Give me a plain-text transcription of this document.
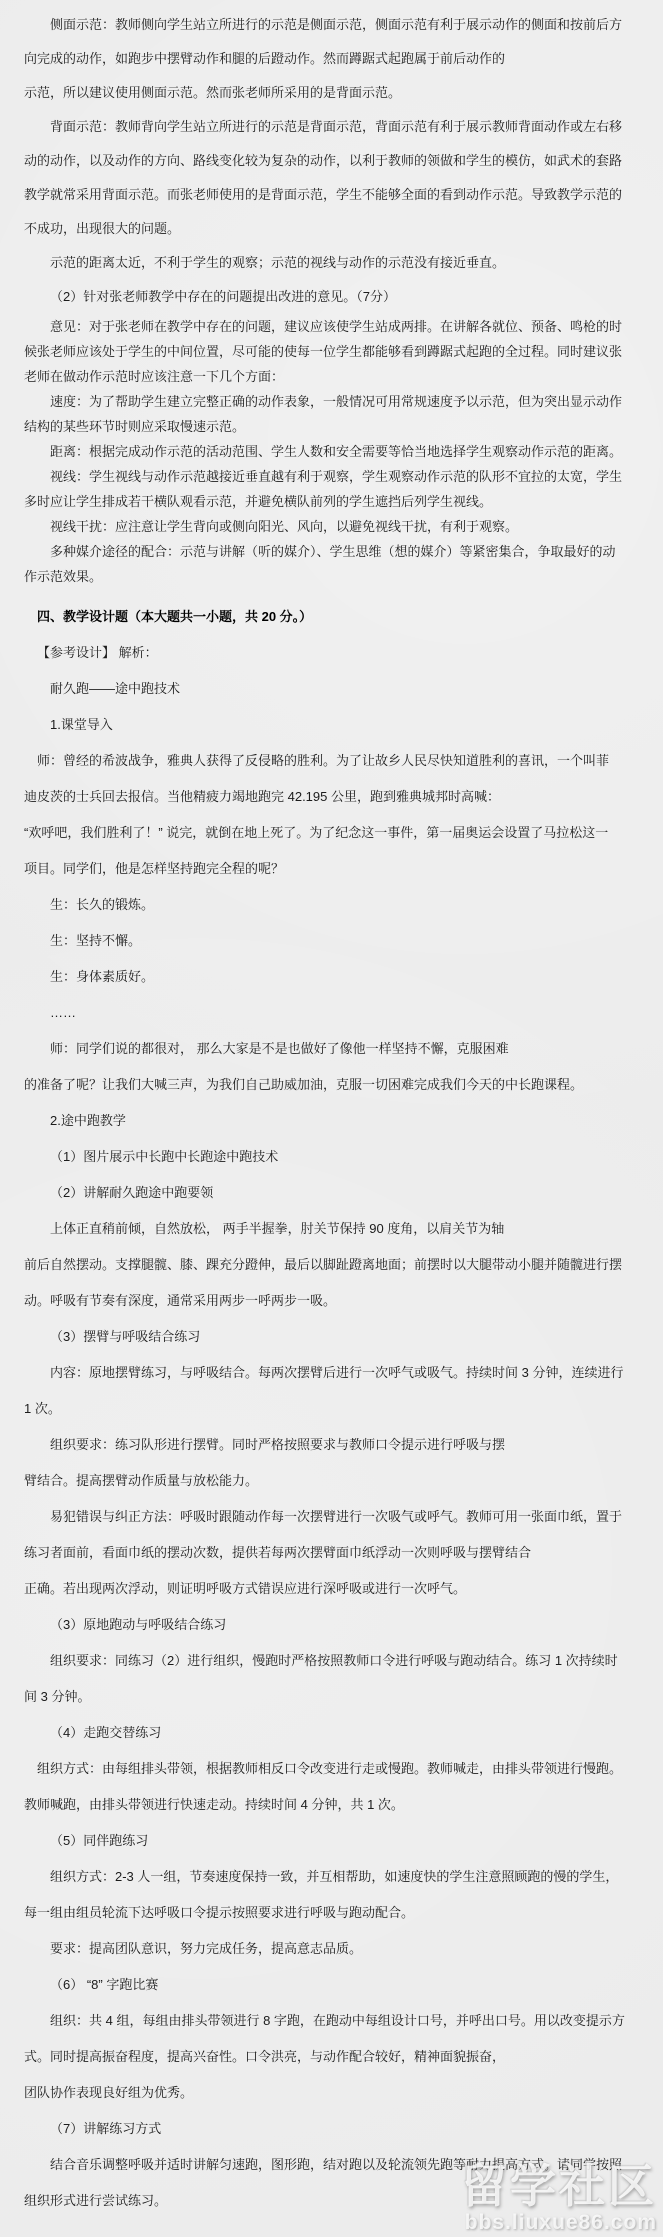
侧面示范：教师侧向学生站立所进行的示范是侧面示范，侧面示范有利于展示动作的侧面和按前后方
向完成的动作，如跑步中摆臂动作和腿的后蹬动作。然而蹲踞式起跑属于前后动作的
示范，所以建议使用侧面示范。然而张老师所采用的是背面示范。

背面示范：教师背向学生站立所进行的示范是背面示范，背面示范有利于展示教师背面动作或左右移
动的动作，以及动作的方向、路线变化较为复杂的动作，以利于教师的领做和学生的模仿，如武术的套路
教学就常采用背面示范。而张老师使用的是背面示范，学生不能够全面的看到动作示范。导致教学示范的
不成功，出现很大的问题。

示范的距离太近，不利于学生的观察；示范的视线与动作的示范没有接近垂直。

（2）针对张老师教学中存在的问题提出改进的意见。（7分）

意见：对于张老师在教学中存在的问题，建议应该使学生站成两排。在讲解各就位、预备、鸣枪的时
候张老师应该处于学生的中间位置，尽可能的使每一位学生都能够看到蹲踞式起跑的全过程。同时建议张
老师在做动作示范时应该注意一下几个方面：

速度：为了帮助学生建立完整正确的动作表象，一般情况可用常规速度予以示范，但为突出显示动作
结构的某些环节时则应采取慢速示范。

距离：根据完成动作示范的活动范围、学生人数和安全需要等恰当地选择学生观察动作示范的距离。

视线：学生视线与动作示范越接近垂直越有利于观察，学生观察动作示范的队形不宜拉的太宽，学生
多时应让学生排成若干横队观看示范，并避免横队前列的学生遮挡后列学生视线。

视线干扰：应注意让学生背向或侧向阳光、风向，以避免视线干扰，有利于观察。

多种媒介途径的配合：示范与讲解（听的媒介）、学生思维（想的媒介）等紧密集合，争取最好的动
作示范效果。

四、教学设计题（本大题共一小题，共 20 分。）

【参考设计】 解析：

耐久跑——途中跑技术

1.课堂导入

师：曾经的希波战争，雅典人获得了反侵略的胜利。为了让故乡人民尽快知道胜利的喜讯，一个叫菲
迪皮茨的士兵回去报信。当他精疲力竭地跑完 42.195 公里，跑到雅典城邦时高喊：

“欢呼吧，我们胜利了！” 说完，就倒在地上死了。为了纪念这一事件，第一届奥运会设置了马拉松这一
项目。同学们，他是怎样坚持跑完全程的呢？

生：长久的锻炼。

生：坚持不懈。

生：身体素质好。

……

师：同学们说的都很对， 那么大家是不是也做好了像他一样坚持不懈，克服困难
的准备了呢？让我们大喊三声，为我们自己助威加油，克服一切困难完成我们今天的中长跑课程。

2.途中跑教学

（1）图片展示中长跑中长跑途中跑技术

（2）讲解耐久跑途中跑要领

上体正直稍前倾，自然放松， 两手半握拳，肘关节保持 90 度角，以肩关节为轴
前后自然摆动。支撑腿髋、膝、踝充分蹬伸，最后以脚趾蹬离地面；前摆时以大腿带动小腿并随髋进行摆
动。呼吸有节奏有深度，通常采用两步一呼两步一吸。

（3）摆臂与呼吸结合练习

内容：原地摆臂练习，与呼吸结合。每两次摆臂后进行一次呼气或吸气。持续时间 3 分钟，连续进行
1 次。

组织要求：练习队形进行摆臂。同时严格按照要求与教师口令提示进行呼吸与摆
臂结合。提高摆臂动作质量与放松能力。

易犯错误与纠正方法：呼吸时跟随动作每一次摆臂进行一次吸气或呼气。教师可用一张面巾纸，置于
练习者面前，看面巾纸的摆动次数，提供若每两次摆臂面巾纸浮动一次则呼吸与摆臂结合
正确。若出现两次浮动，则证明呼吸方式错误应进行深呼吸或进行一次呼气。

（3）原地跑动与呼吸结合练习

组织要求：同练习（2）进行组织，慢跑时严格按照教师口令进行呼吸与跑动结合。练习 1 次持续时
间 3 分钟。

（4）走跑交替练习

组织方式：由每组排头带领，根据教师相反口令改变进行走或慢跑。教师喊走，由排头带领进行慢跑。
教师喊跑，由排头带领进行快速走动。持续时间 4 分钟，共 1 次。

（5）同伴跑练习

组织方式：2-3 人一组，节奏速度保持一致，并互相帮助，如速度快的学生注意照顾跑的慢的学生，
每一组由组员轮流下达呼吸口令提示按照要求进行呼吸与跑动配合。

要求：提高团队意识，努力完成任务，提高意志品质。

（6） “8” 字跑比赛

组织：共 4 组，每组由排头带领进行 8 字跑，在跑动中每组设计口号，并呼出口号。用以改变提示方
式。同时提高振奋程度，提高兴奋性。口令洪亮，与动作配合较好，精神面貌振奋，
团队协作表现良好组为优秀。

（7）讲解练习方式

结合音乐调整呼吸并适时讲解匀速跑，图形跑，结对跑以及轮流领先跑等耐力提高方式。请同学按照
组织形式进行尝试练习。	留学社区
bbs.liuxue86.com
